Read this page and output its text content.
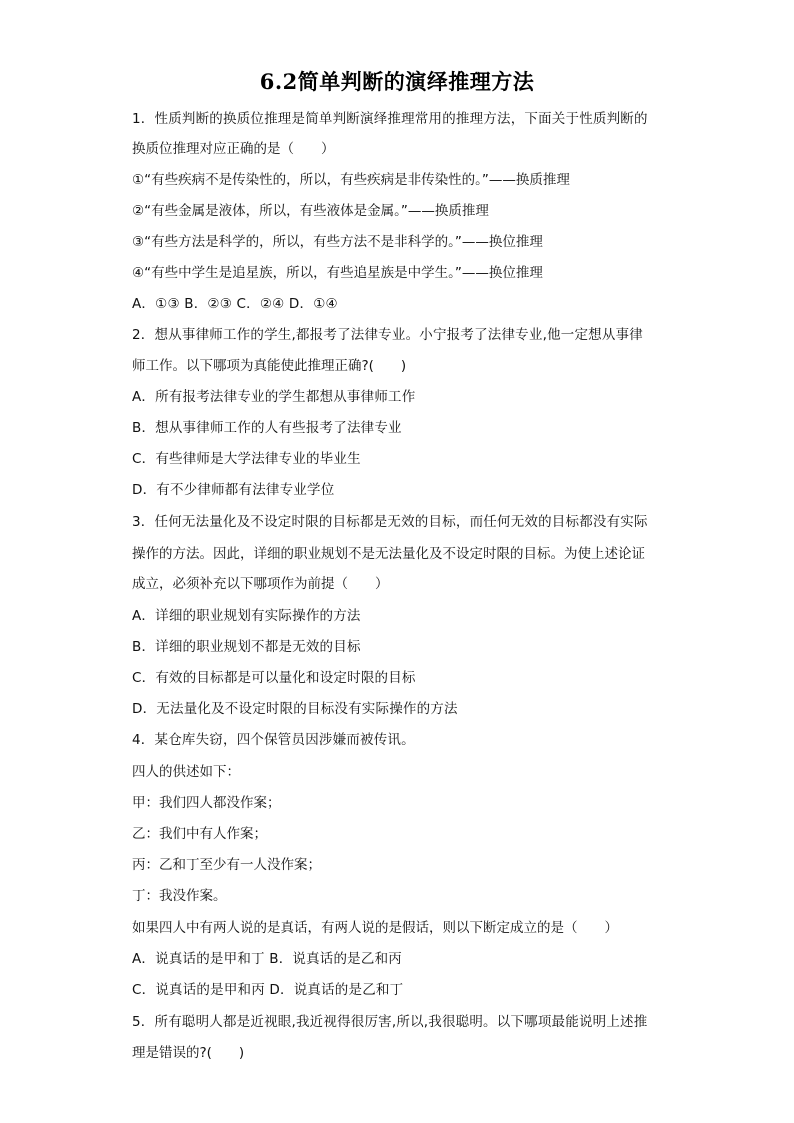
6.2简单判断的演绎推理方法
1．性质判断的换质位推理是简单判断演绎推理常用的推理方法，下面关于性质判断的
换质位推理对应正确的是（　　）
①“有些疾病不是传染性的，所以，有些疾病是非传染性的。”——换质推理
②“有些金属是液体，所以，有些液体是金属。”——换质推理
③“有些方法是科学的，所以，有些方法不是非科学的。”——换位推理
④“有些中学生是追星族，所以，有些追星族是中学生。”——换位推理
A．①③ B．②③ C．②④ D．①④
2．想从事律师工作的学生,都报考了法律专业。小宁报考了法律专业,他一定想从事律
师工作。以下哪项为真能使此推理正确?(　　)
A．所有报考法律专业的学生都想从事律师工作
B．想从事律师工作的人有些报考了法律专业
C．有些律师是大学法律专业的毕业生
D．有不少律师都有法律专业学位
3．任何无法量化及不设定时限的目标都是无效的目标，而任何无效的目标都没有实际
操作的方法。因此，详细的职业规划不是无法量化及不设定时限的目标。为使上述论证
成立，必须补充以下哪项作为前提（　　）
A．详细的职业规划有实际操作的方法
B．详细的职业规划不都是无效的目标
C．有效的目标都是可以量化和设定时限的目标
D．无法量化及不设定时限的目标没有实际操作的方法
4．某仓库失窃，四个保管员因涉嫌而被传讯。
四人的供述如下：
甲：我们四人都没作案；
乙：我们中有人作案；
丙：乙和丁至少有一人没作案；
丁：我没作案。
如果四人中有两人说的是真话，有两人说的是假话，则以下断定成立的是（　　）
A．说真话的是甲和丁 B．说真话的是乙和丙
C．说真话的是甲和丙 D．说真话的是乙和丁
5．所有聪明人都是近视眼,我近视得很厉害,所以,我很聪明。以下哪项最能说明上述推
理是错误的?(　　)
